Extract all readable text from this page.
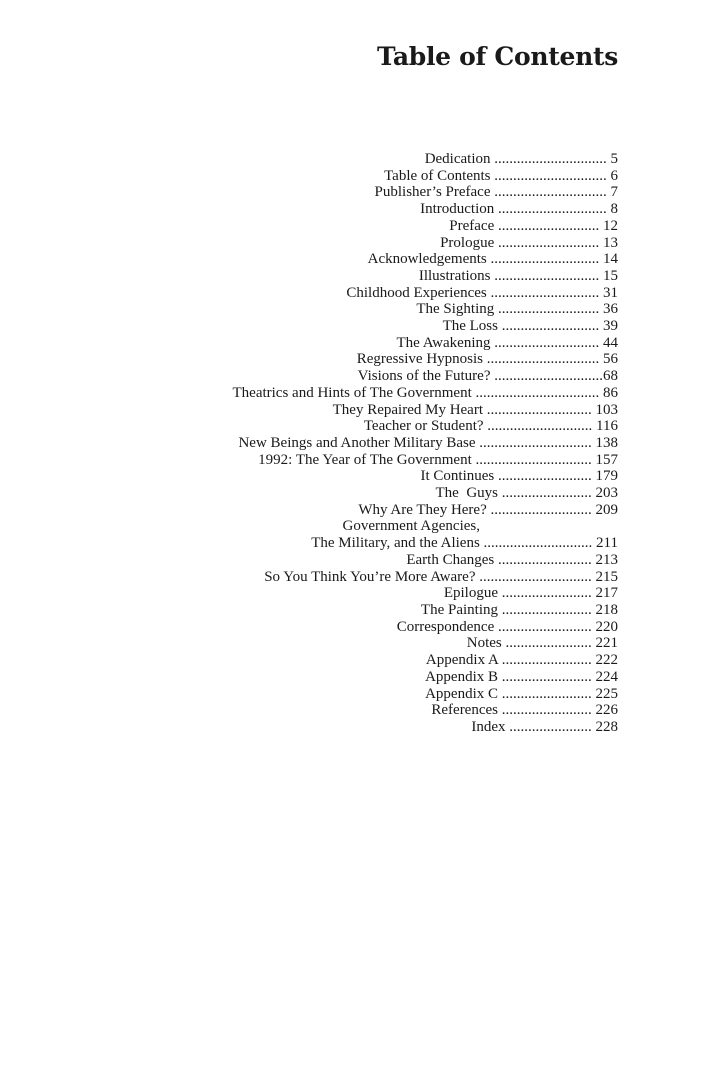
Table of Contents
Dedication .............................. 5
Table of Contents .............................. 6
Publisher’s Preface .............................. 7
Introduction ............................. 8
Preface ........................... 12
Prologue ........................... 13
Acknowledgements ............................. 14
Illustrations ............................ 15
Childhood Experiences ............................. 31
The Sighting ........................... 36
The Loss .......................... 39
The Awakening ............................ 44
Regressive Hypnosis .............................. 56
Visions of the Future? .............................68
Theatrics and Hints of The Government ................................. 86
They Repaired My Heart ............................ 103
Teacher or Student? ............................ 116
New Beings and Another Military Base .............................. 138
1992: The Year of The Government ............................... 157
It Continues ......................... 179
The  Guys ........................ 203
Why Are They Here? ........................... 209
Government Agencies,
The Military, and the Aliens ............................. 211
Earth Changes ......................... 213
So You Think You’re More Aware? .............................. 215
Epilogue ........................ 217
The Painting ........................ 218
Correspondence ......................... 220
Notes ....................... 221
Appendix A ........................ 222
Appendix B ........................ 224
Appendix C ........................ 225
References ........................ 226
Index ...................... 228
